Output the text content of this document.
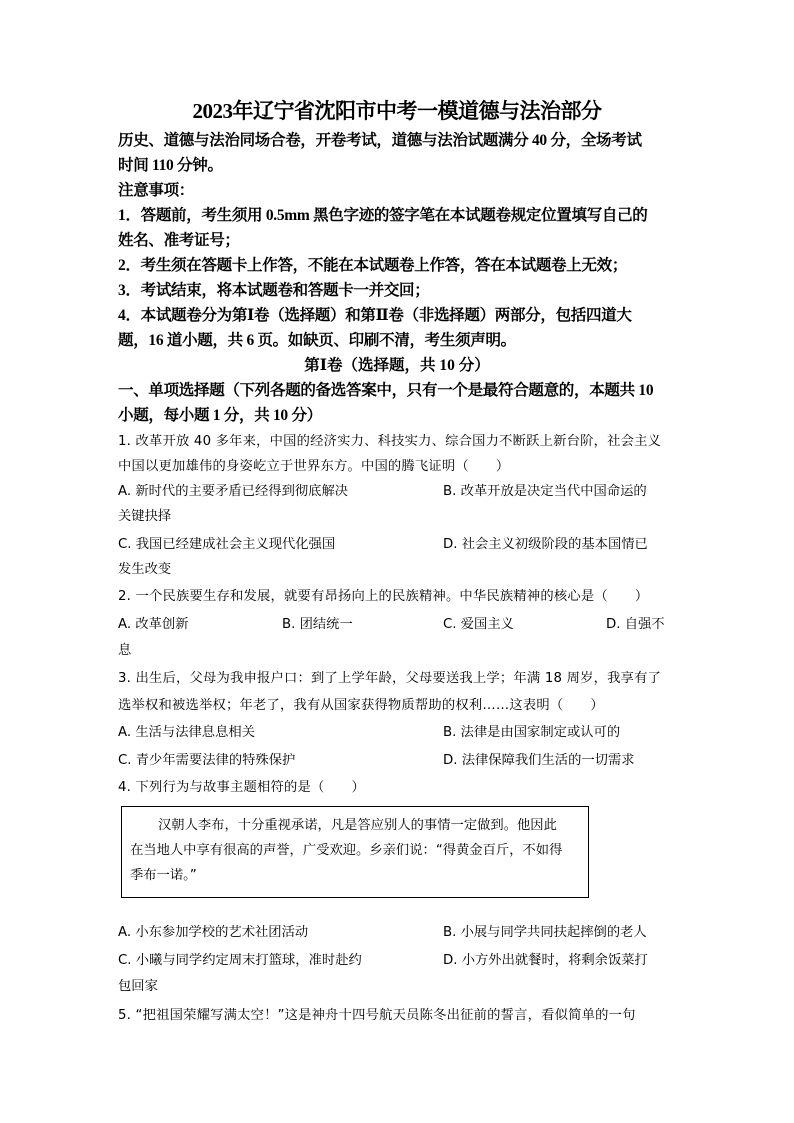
2023年辽宁省沈阳市中考一模道德与法治部分
历史、道德与法治同场合卷，开卷考试，道德与法治试题满分 40 分，全场考试
时间 110 分钟。
注意事项：
1．答题前，考生须用 0.5mm 黑色字迹的签字笔在本试题卷规定位置填写自己的
姓名、准考证号；
2．考生须在答题卡上作答，不能在本试题卷上作答，答在本试题卷上无效；
3．考试结束，将本试题卷和答题卡一并交回；
4．本试题卷分为第Ⅰ卷（选择题）和第Ⅱ卷（非选择题）两部分，包括四道大
题，16 道小题，共 6 页。如缺页、印刷不清，考生须声明。
第Ⅰ卷（选择题，共 10 分）
一、单项选择题（下列各题的备选答案中，只有一个是最符合题意的，本题共 10
小题，每小题 1 分，共 10 分）
1. 改革开放 40 多年来，中国的经济实力、科技实力、综合国力不断跃上新台阶，社会主义
中国以更加雄伟的身姿屹立于世界东方。中国的腾飞证明（　　）
A. 新时代的主要矛盾已经得到彻底解决	B. 改革开放是决定当代中国命运的
关键抉择
C. 我国已经建成社会主义现代化强国	D. 社会主义初级阶段的基本国情已
发生改变
2. 一个民族要生存和发展，就要有昂扬向上的民族精神。中华民族精神的核心是（　　）
A. 改革创新	B. 团结统一	C. 爱国主义	D. 自强不
息
3. 出生后，父母为我申报户口：到了上学年龄，父母要送我上学；年满 18 周岁，我享有了
选举权和被选举权；年老了，我有从国家获得物质帮助的权利……这表明（　　）
A. 生活与法律息息相关	B. 法律是由国家制定或认可的
C. 青少年需要法律的特殊保护	D. 法律保障我们生活的一切需求
4. 下列行为与故事主题相符的是（　　）
汉朝人李布，十分重视承诺，凡是答应别人的事情一定做到。他因此
在当地人中享有很高的声誉，广受欢迎。乡亲们说：“得黄金百斤，不如得
季布一诺。”
A. 小东参加学校的艺术社团活动	B. 小展与同学共同扶起摔倒的老人
C. 小曦与同学约定周末打篮球，准时赴约	D. 小方外出就餐时，将剩余饭菜打
包回家
5. “把祖国荣耀写满太空！”这是神舟十四号航天员陈冬出征前的誓言，看似简单的一句
